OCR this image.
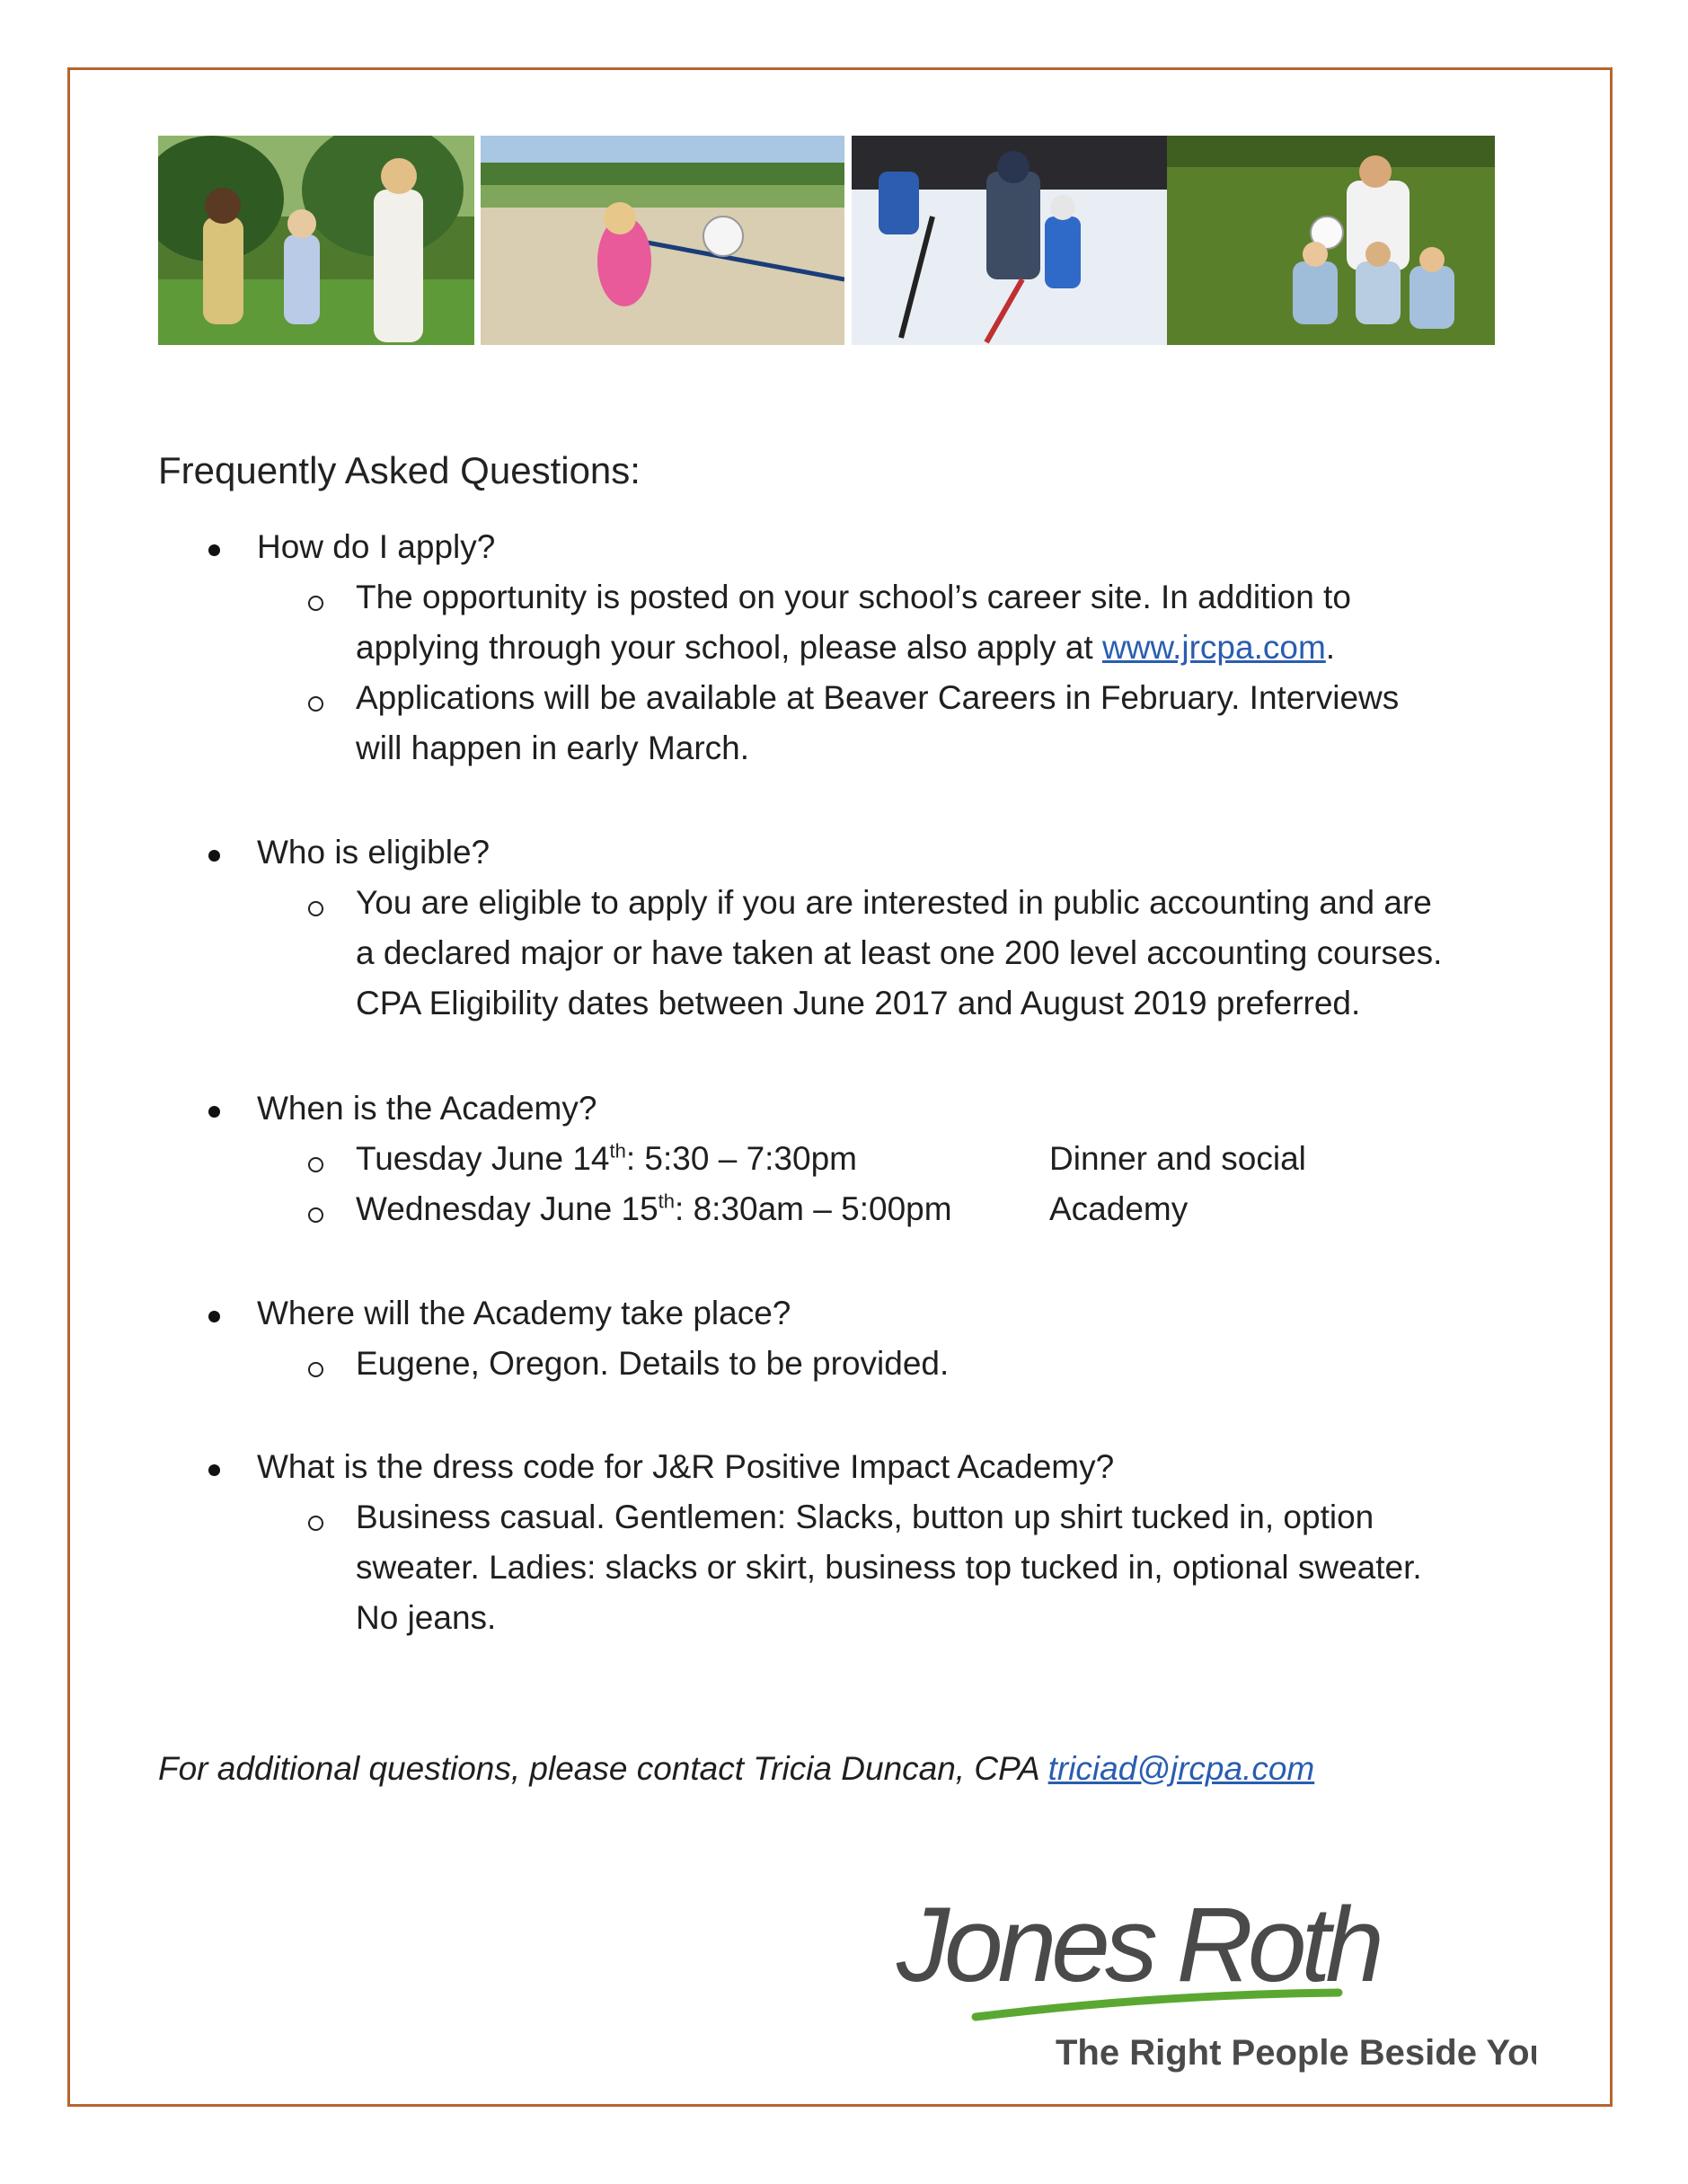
Frequently Asked Questions:
How do I apply?
The opportunity is posted on your school’s career site. In addition to
applying through your school, please also apply at www.jrcpa.com.
Applications will be available at Beaver Careers in February. Interviews
will happen in early March.
Who is eligible?
You are eligible to apply if you are interested in public accounting and are
a declared major or have taken at least one 200 level accounting courses.
CPA Eligibility dates between June 2017 and August 2019 preferred.
When is the Academy?
Tuesday June 14th: 5:30 – 7:30pm	Dinner and social
Wednesday June 15th: 8:30am – 5:00pm	Academy
Where will the Academy take place?
Eugene, Oregon. Details to be provided.
What is the dress code for J&R Positive Impact Academy?
Business casual. Gentlemen: Slacks, button up shirt tucked in, option
sweater. Ladies: slacks or skirt, business top tucked in, optional sweater.
No jeans.
For additional questions, please contact Tricia Duncan, CPA triciad@jrcpa.com
Jones Roth
The Right People Beside You.
